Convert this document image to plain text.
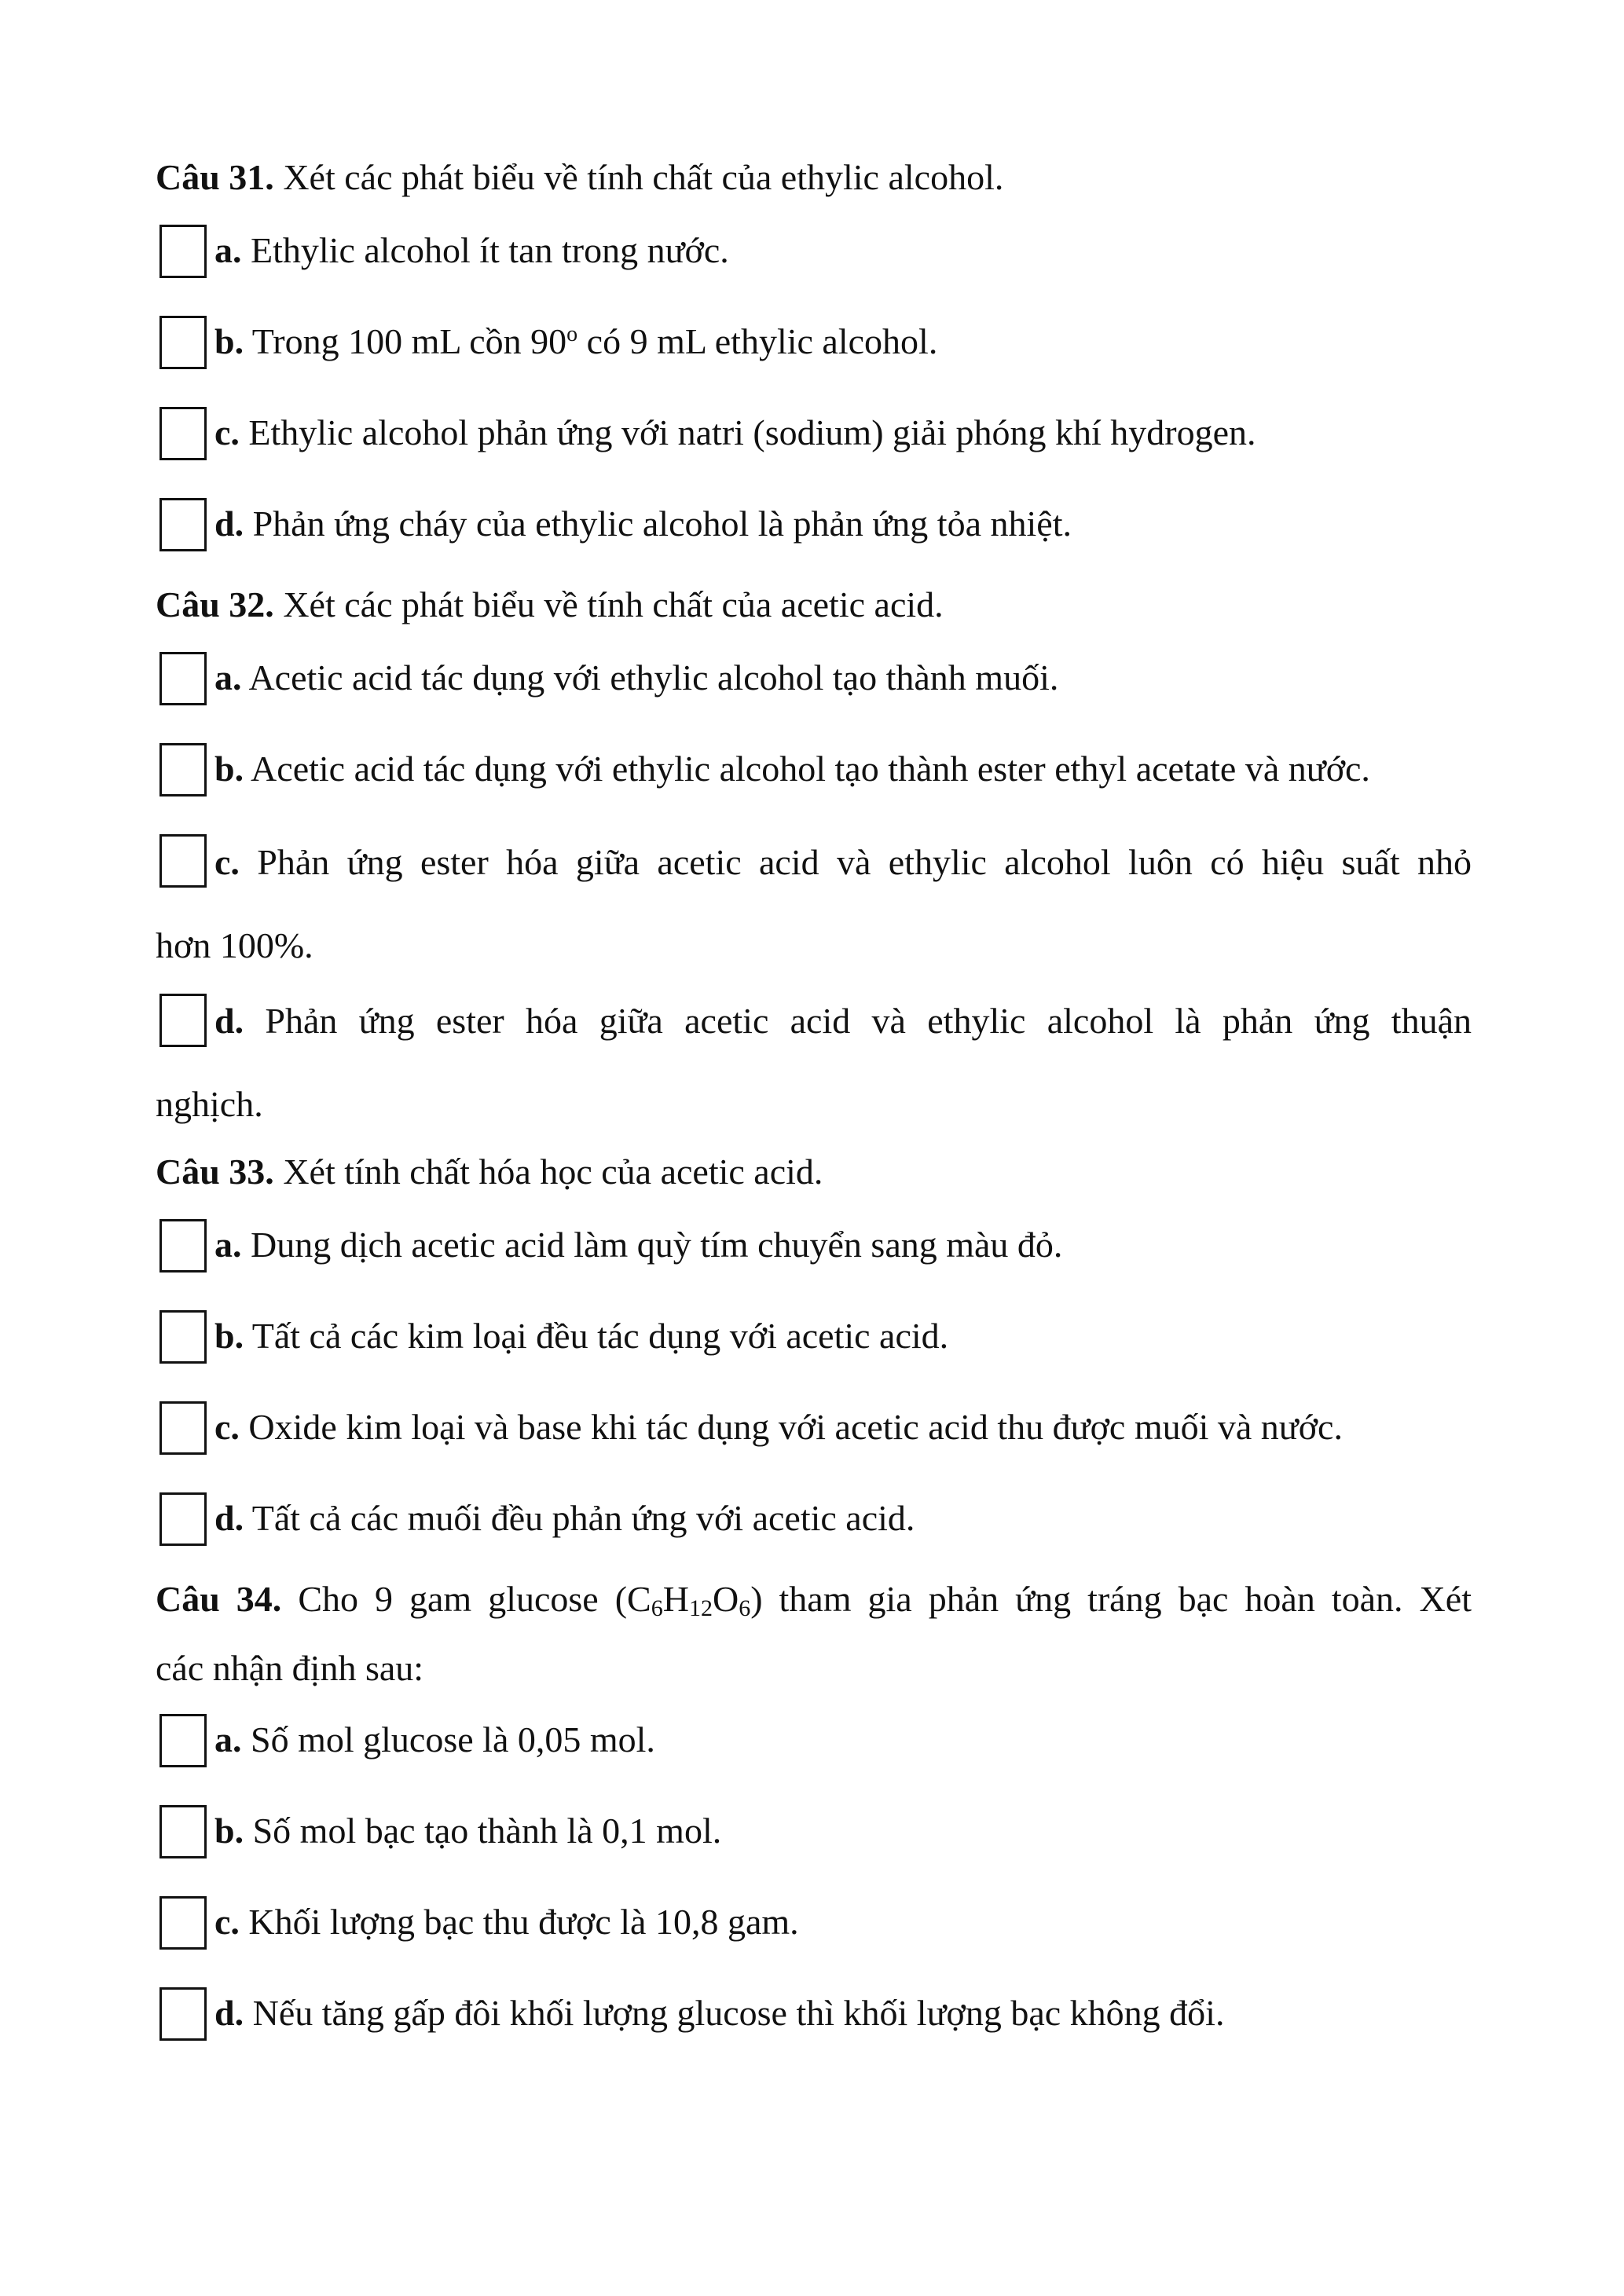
Câu 31. Xét các phát biểu về tính chất của ethylic alcohol.
a. Ethylic alcohol ít tan trong nước.
b. Trong 100 mL cồn 90$^o$ có 9 mL ethylic alcohol.
c. Ethylic alcohol phản ứng với natri (sodium) giải phóng khí hydrogen.
d. Phản ứng cháy của ethylic alcohol là phản ứng tỏa nhiệt.
Câu 32. Xét các phát biểu về tính chất của acetic acid.
a. Acetic acid tác dụng với ethylic alcohol tạo thành muối.
b. Acetic acid tác dụng với ethylic alcohol tạo thành ester ethyl acetate và nước.
c. Phản ứng ester hóa giữa acetic acid và ethylic alcohol luôn có hiệu suất nhỏ
hơn 100%.
d. Phản ứng ester hóa giữa acetic acid và ethylic alcohol là phản ứng thuận
nghịch.
Câu 33. Xét tính chất hóa học của acetic acid.
a. Dung dịch acetic acid làm quỳ tím chuyển sang màu đỏ.
b. Tất cả các kim loại đều tác dụng với acetic acid.
c. Oxide kim loại và base khi tác dụng với acetic acid thu được muối và nước.
d. Tất cả các muối đều phản ứng với acetic acid.
Câu 34. Cho 9 gam glucose $(C_6H_{12}O_6)$ tham gia phản ứng tráng bạc hoàn toàn. Xét
các nhận định sau:
a. Số mol glucose là 0,05 mol.
b. Số mol bạc tạo thành là 0,1 mol.
c. Khối lượng bạc thu được là 10,8 gam.
d. Nếu tăng gấp đôi khối lượng glucose thì khối lượng bạc không đổi.
